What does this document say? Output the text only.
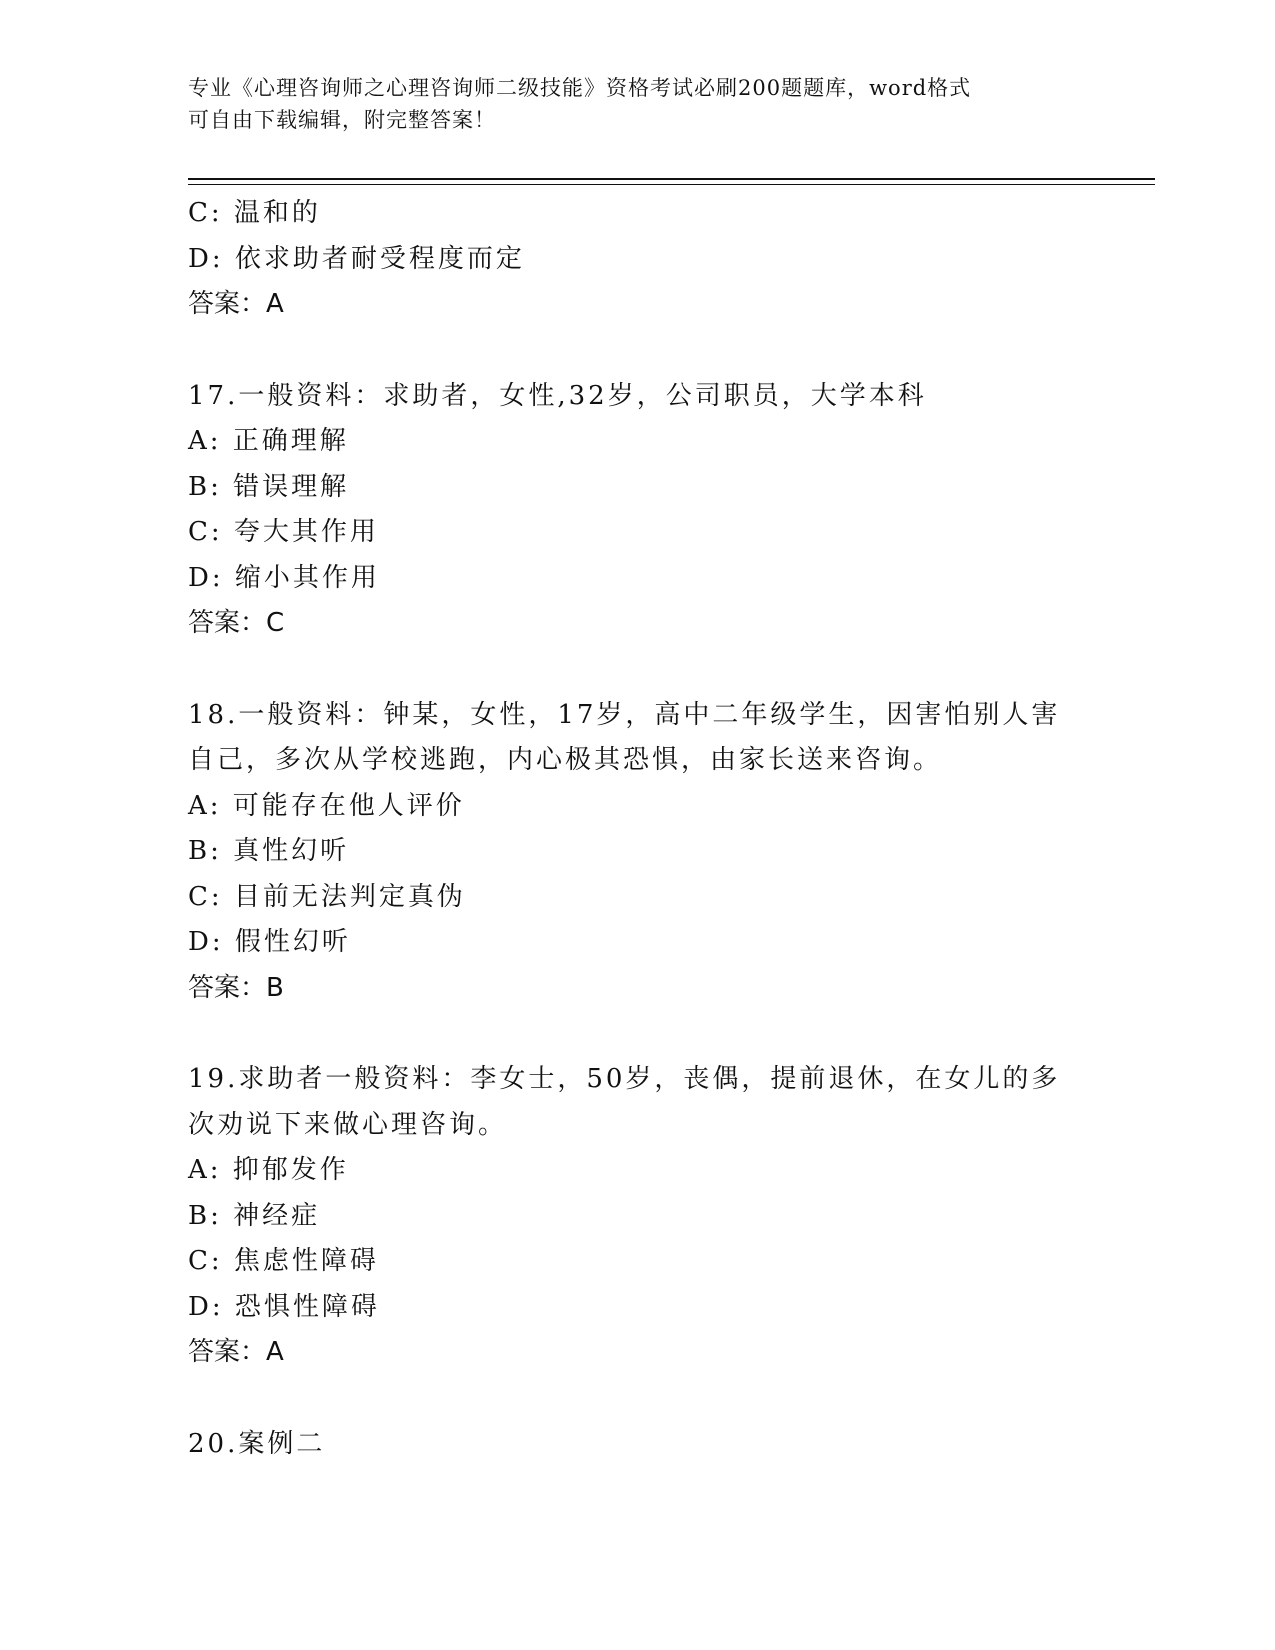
专业《心理咨询师之心理咨询师二级技能》资格考试必刷200题题库，word格式
可自由下载编辑，附完整答案！
C: 温和的
D: 依求助者耐受程度而定
答案：A
17.一般资料：求助者，女性,32岁，公司职员，大学本科
A: 正确理解
B: 错误理解
C: 夸大其作用
D: 缩小其作用
答案：C
18.一般资料：钟某，女性，17岁，高中二年级学生，因害怕别人害自己，多次从学校逃跑，内心极其恐惧，由家长送来咨询。
A: 可能存在他人评价
B: 真性幻听
C: 目前无法判定真伪
D: 假性幻听
答案：B
19.求助者一般资料：李女士，50岁，丧偶，提前退休，在女儿的多次劝说下来做心理咨询。
A: 抑郁发作
B: 神经症
C: 焦虑性障碍
D: 恐惧性障碍
答案：A
20.案例二
